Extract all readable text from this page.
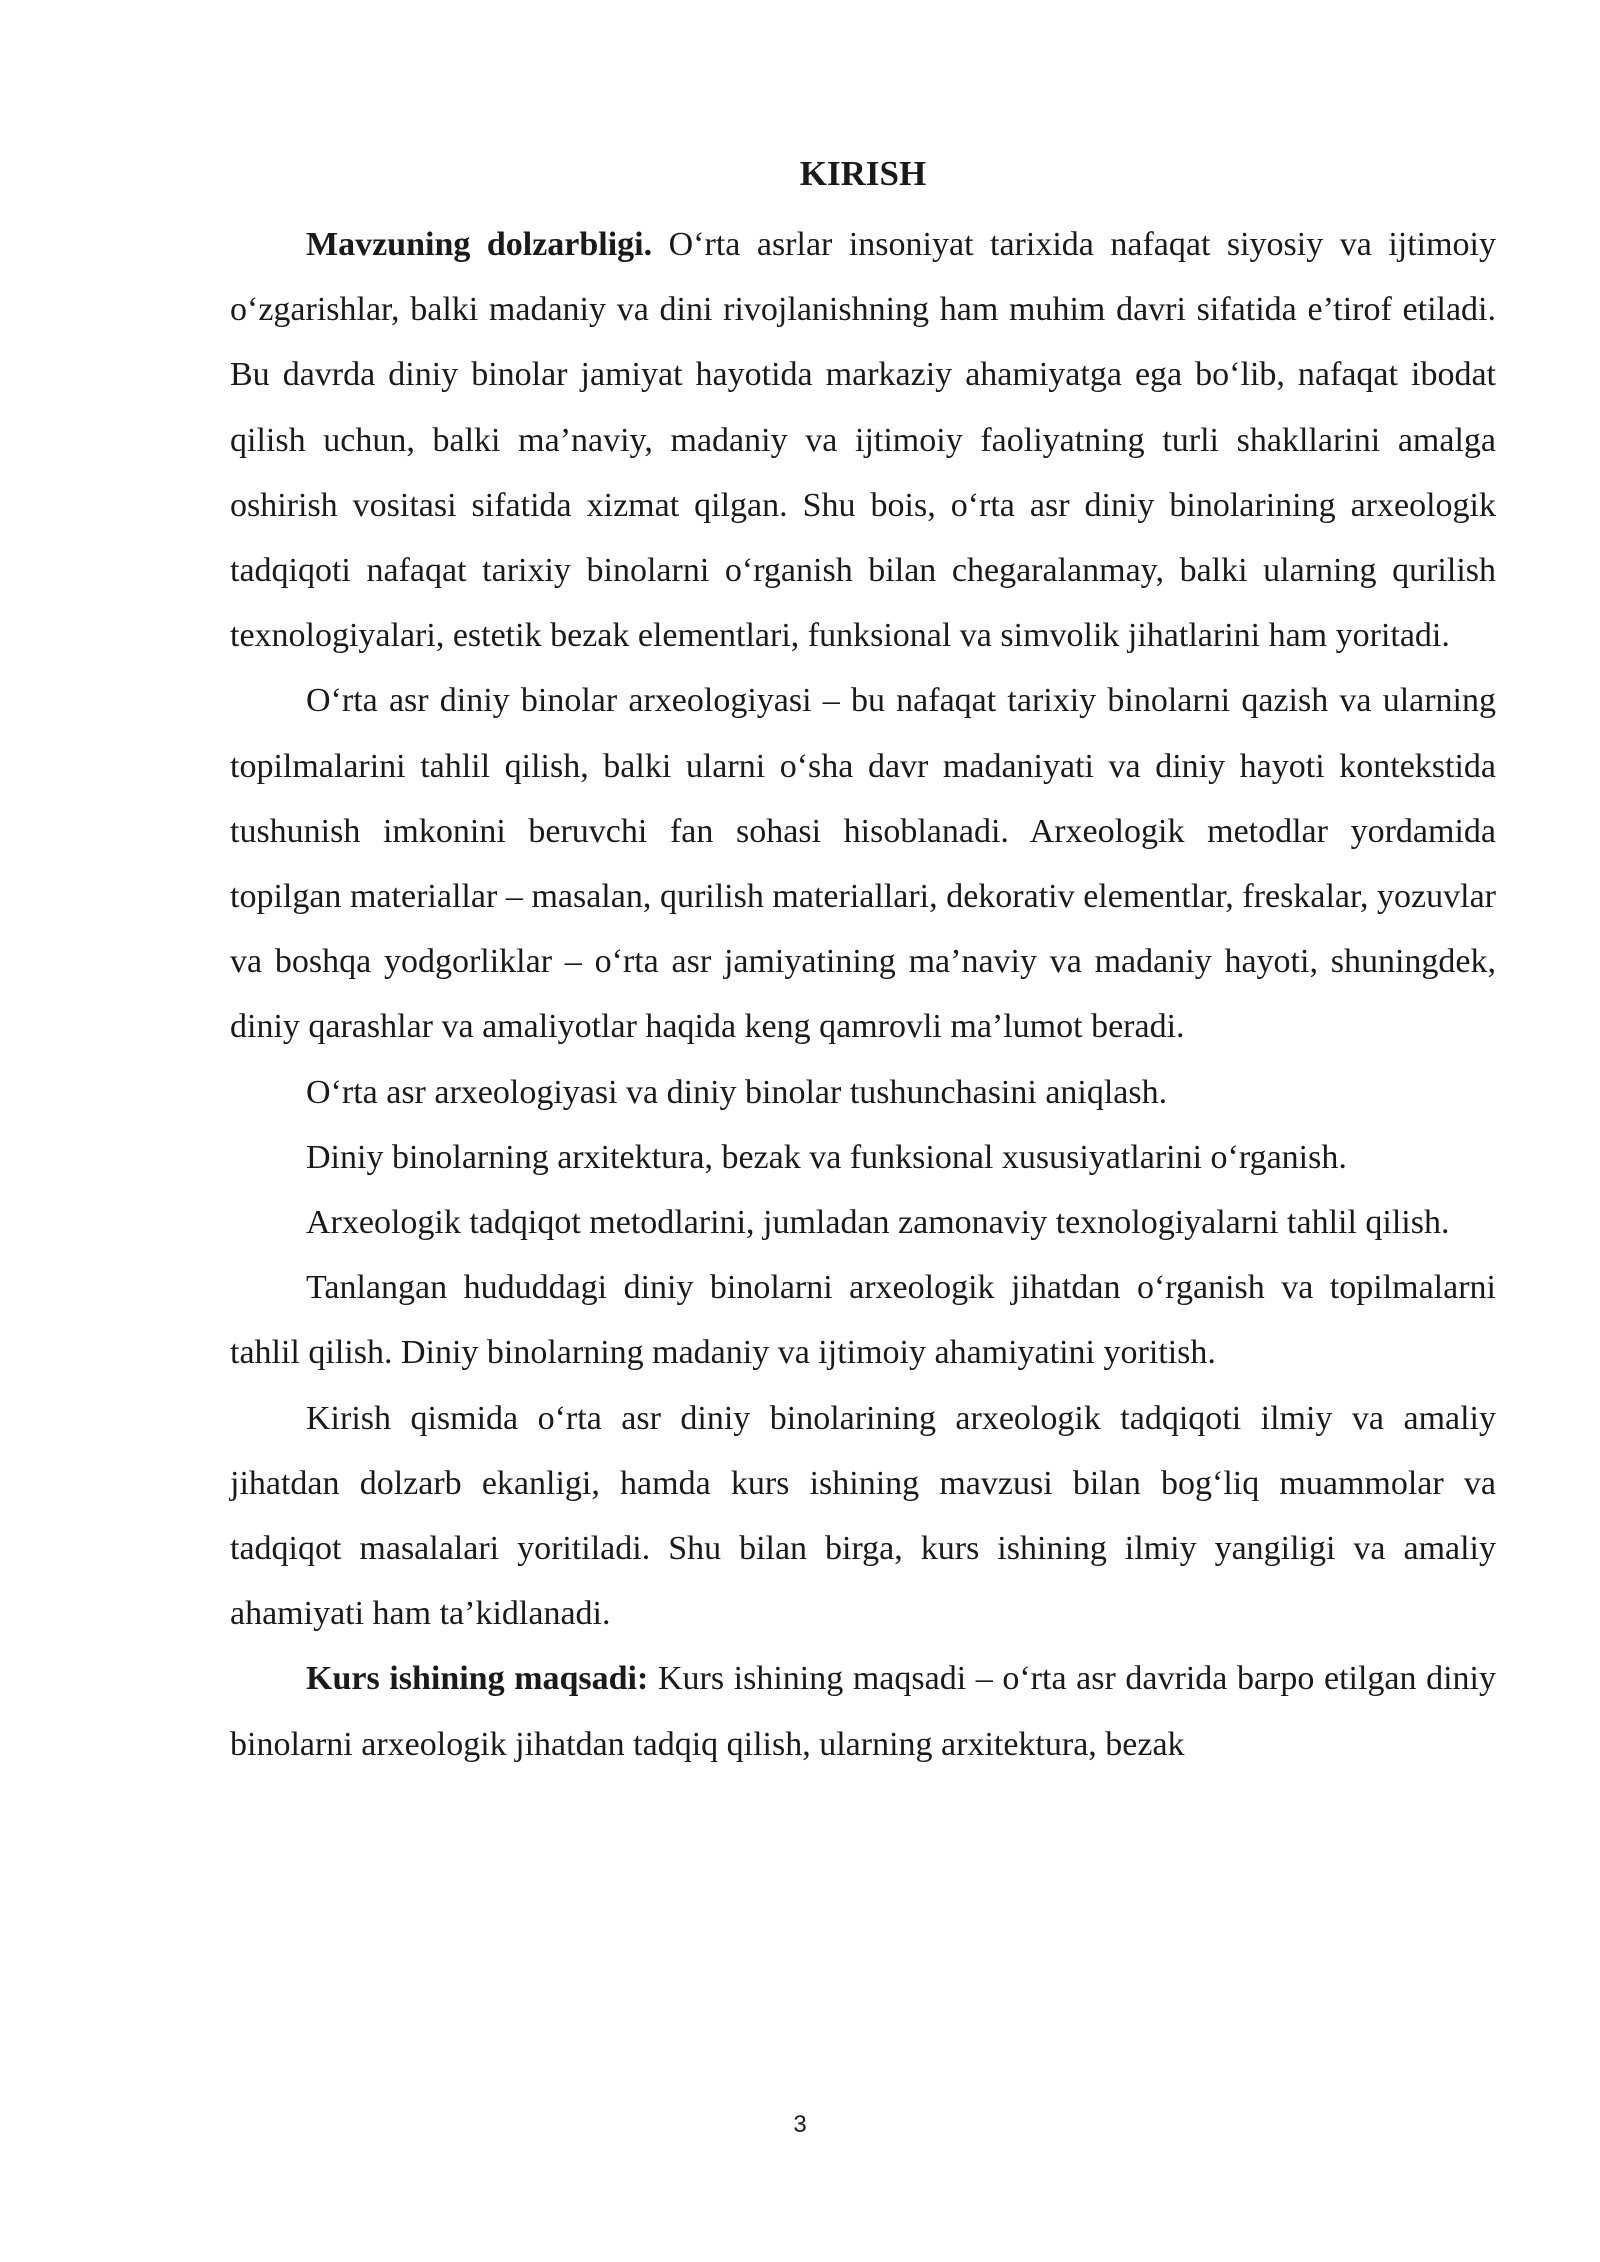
KIRISH

Mavzuning dolzarbligi. O‘rta asrlar insoniyat tarixida nafaqat siyosiy va ijtimoiy o‘zgarishlar, balki madaniy va dini rivojlanishning ham muhim davri sifatida e’tirof etiladi. Bu davrda diniy binolar jamiyat hayotida markaziy ahamiyatga ega bo‘lib, nafaqat ibodat qilish uchun, balki ma’naviy, madaniy va ijtimoiy faoliyatning turli shakllarini amalga oshirish vositasi sifatida xizmat qilgan. Shu bois, o‘rta asr diniy binolarining arxeologik tadqiqoti nafaqat tarixiy binolarni o‘rganish bilan chegaralanmay, balki ularning qurilish texnologiyalari, estetik bezak elementlari, funksional va simvolik jihatlarini ham yoritadi.

O‘rta asr diniy binolar arxeologiyasi – bu nafaqat tarixiy binolarni qazish va ularning topilmalarini tahlil qilish, balki ularni o‘sha davr madaniyati va diniy hayoti kontekstida tushunish imkonini beruvchi fan sohasi hisoblanadi. Arxeologik metodlar yordamida topilgan materiallar – masalan, qurilish materiallari, dekorativ elementlar, freskalar, yozuvlar va boshqa yodgorliklar – o‘rta asr jamiyatining ma’naviy va madaniy hayoti, shuningdek, diniy qarashlar va amaliyotlar haqida keng qamrovli ma’lumot beradi.

O‘rta asr arxeologiyasi va diniy binolar tushunchasini aniqlash.

Diniy binolarning arxitektura, bezak va funksional xususiyatlarini o‘rganish.

Arxeologik tadqiqot metodlarini, jumladan zamonaviy texnologiyalarni tahlil qilish.

Tanlangan hududdagi diniy binolarni arxeologik jihatdan o‘rganish va topilmalarni tahlil qilish. Diniy binolarning madaniy va ijtimoiy ahamiyatini yoritish.

Kirish qismida o‘rta asr diniy binolarining arxeologik tadqiqoti ilmiy va amaliy jihatdan dolzarb ekanligi, hamda kurs ishining mavzusi bilan bog‘liq muammolar va tadqiqot masalalari yoritiladi. Shu bilan birga, kurs ishining ilmiy yangiligi va amaliy ahamiyati ham ta’kidlanadi.

Kurs ishining maqsadi: Kurs ishining maqsadi – o‘rta asr davrida barpo etilgan diniy binolarni arxeologik jihatdan tadqiq qilish, ularning arxitektura, bezak

3
